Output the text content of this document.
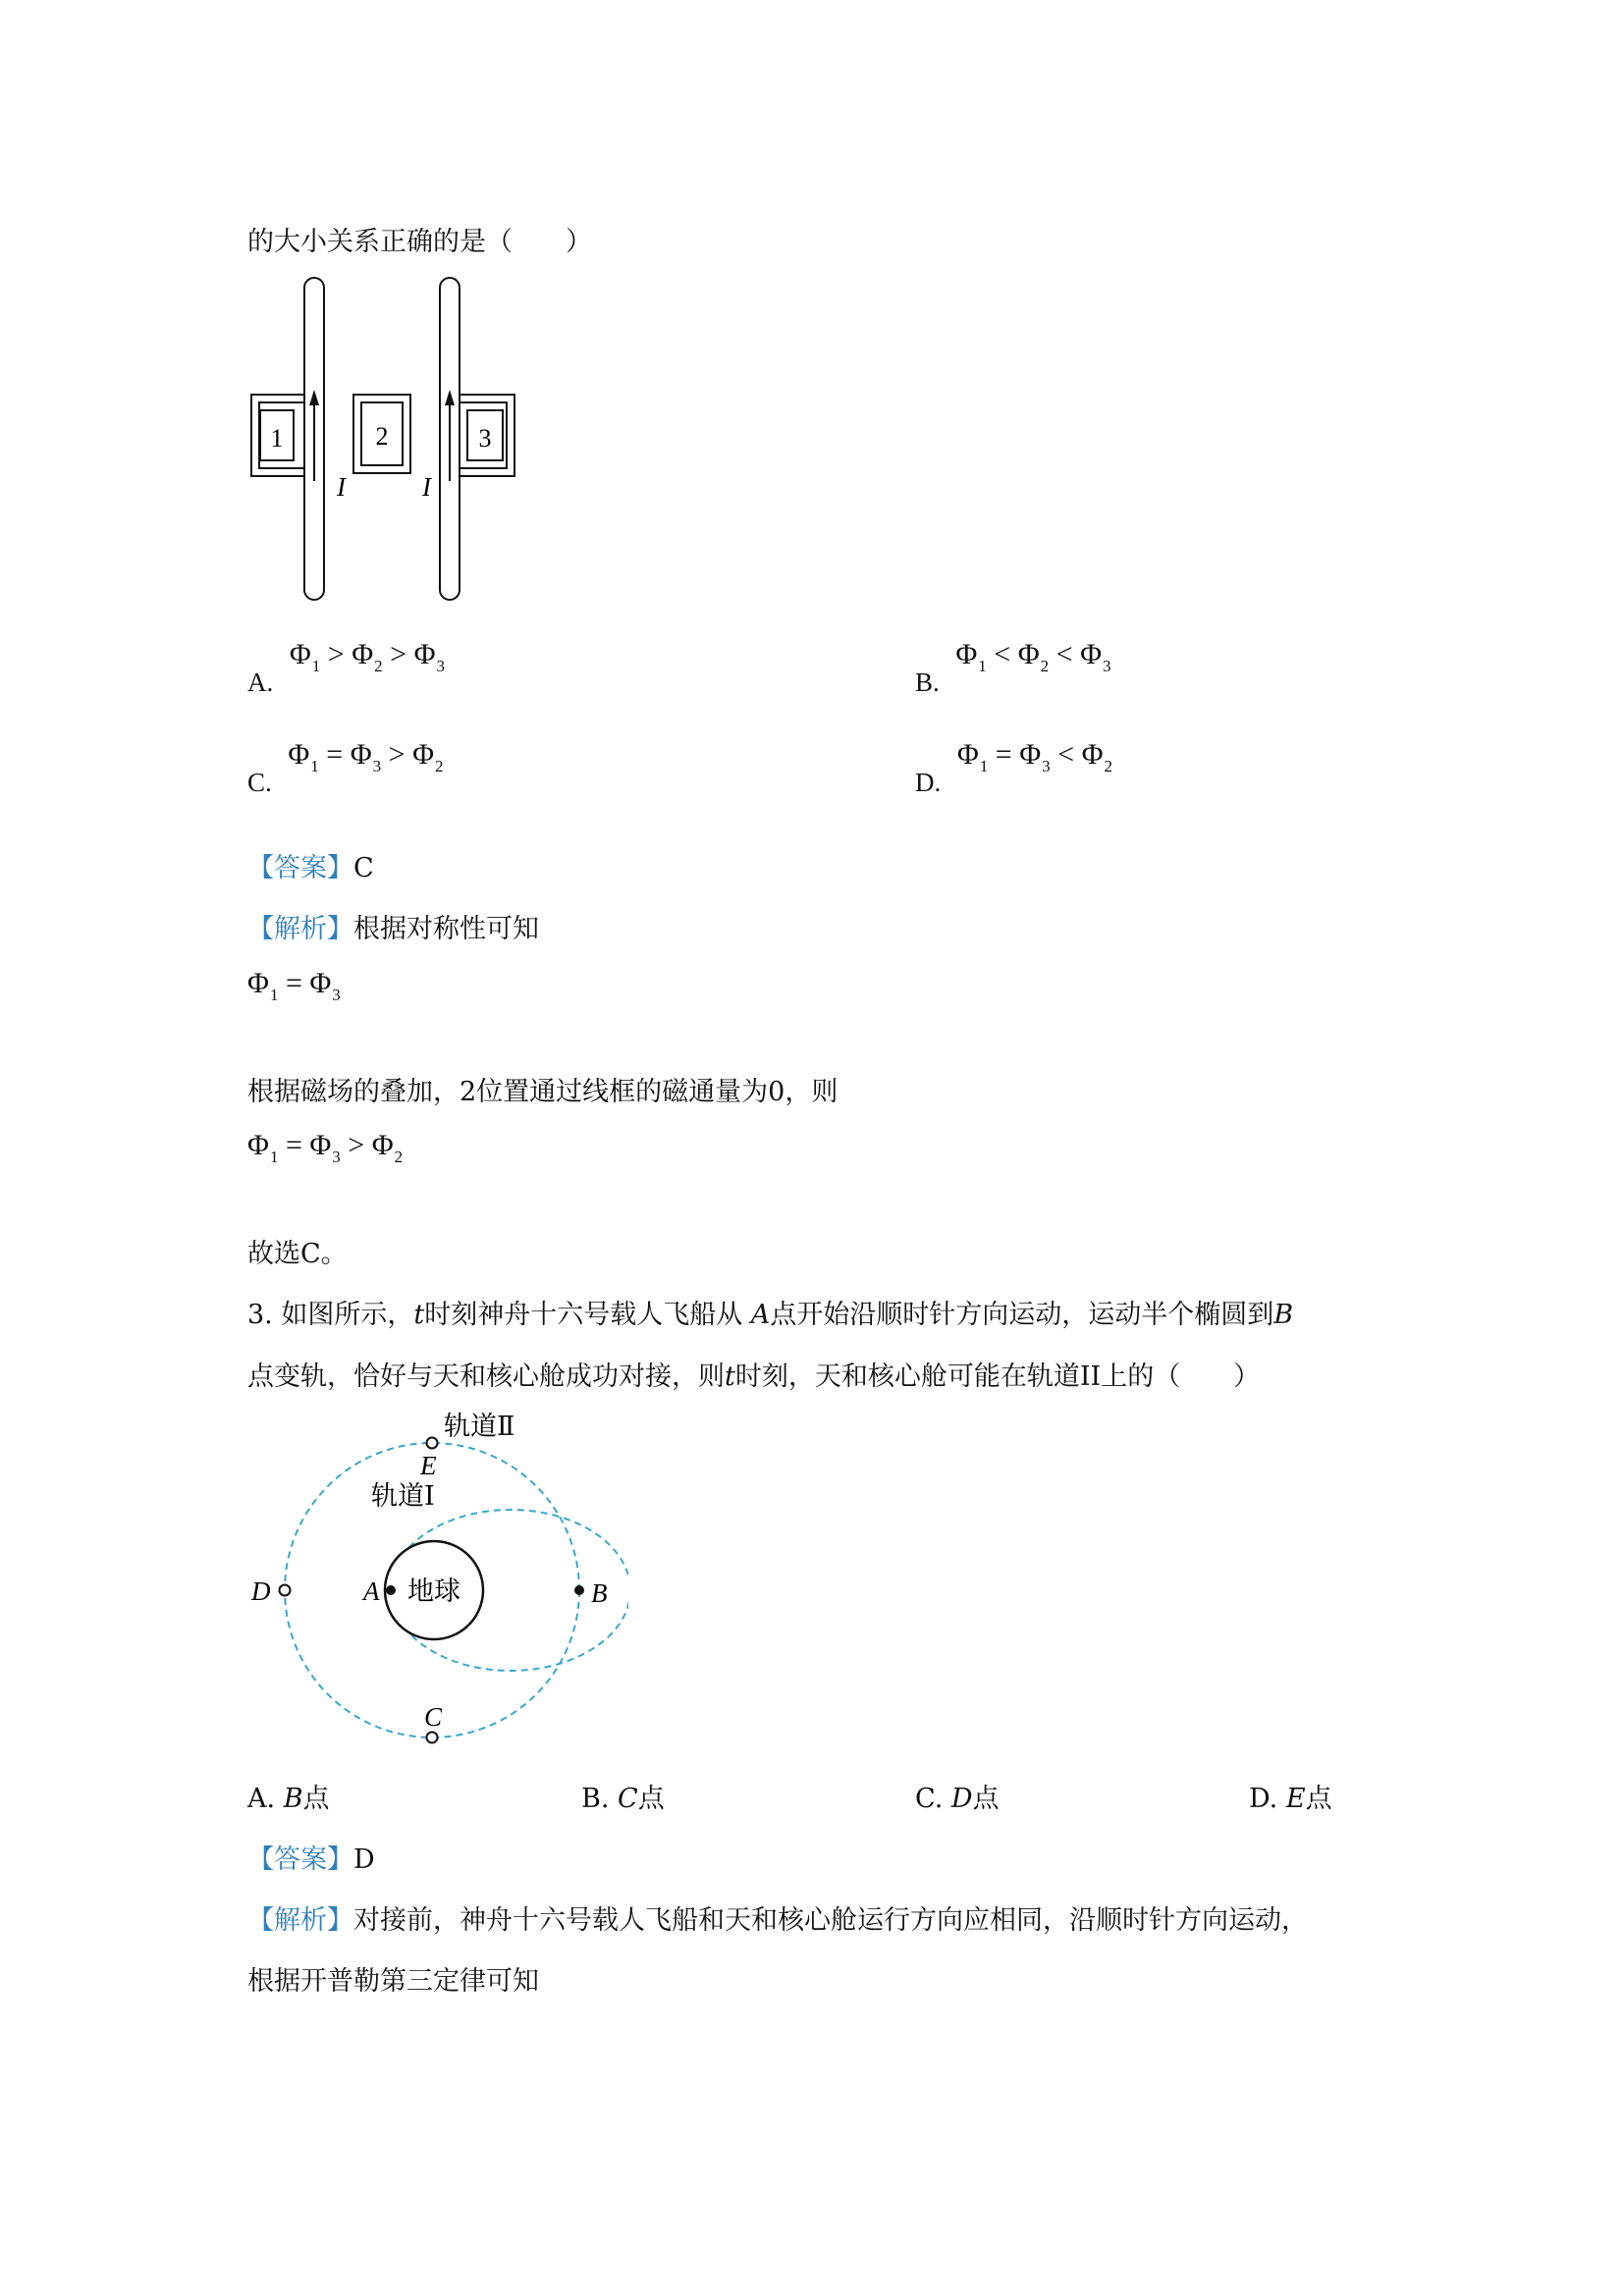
的大小关系正确的是（　　）
1	2	3
I	I
A. $\Phi_1 > \Phi_2 > \Phi_3$
B. $\Phi_1 < \Phi_2 < \Phi_3$
C. $\Phi_1 = \Phi_3 > \Phi_2$
D. $\Phi_1 = \Phi_3 < \Phi_2$
【答案】C
【解析】根据对称性可知
$\Phi_1 = \Phi_3$
根据磁场的叠加，2位置通过线框的磁通量为0，则
$\Phi_1 = \Phi_3 > \Phi_2$
故选C。
3. 如图所示，t时刻神舟十六号载人飞船从 A点开始沿顺时针方向运动，运动半个椭圆到B
点变轨，恰好与天和核心舱成功对接，则t时刻，天和核心舱可能在轨道II上的（　　）
地球
A	B
D
E
C
轨道Ⅱ
轨道Ⅰ
A. B点	B. C点	C. D点	D. E点
【答案】D
【解析】对接前，神舟十六号载人飞船和天和核心舱运行方向应相同，沿顺时针方向运动，
根据开普勒第三定律可知
